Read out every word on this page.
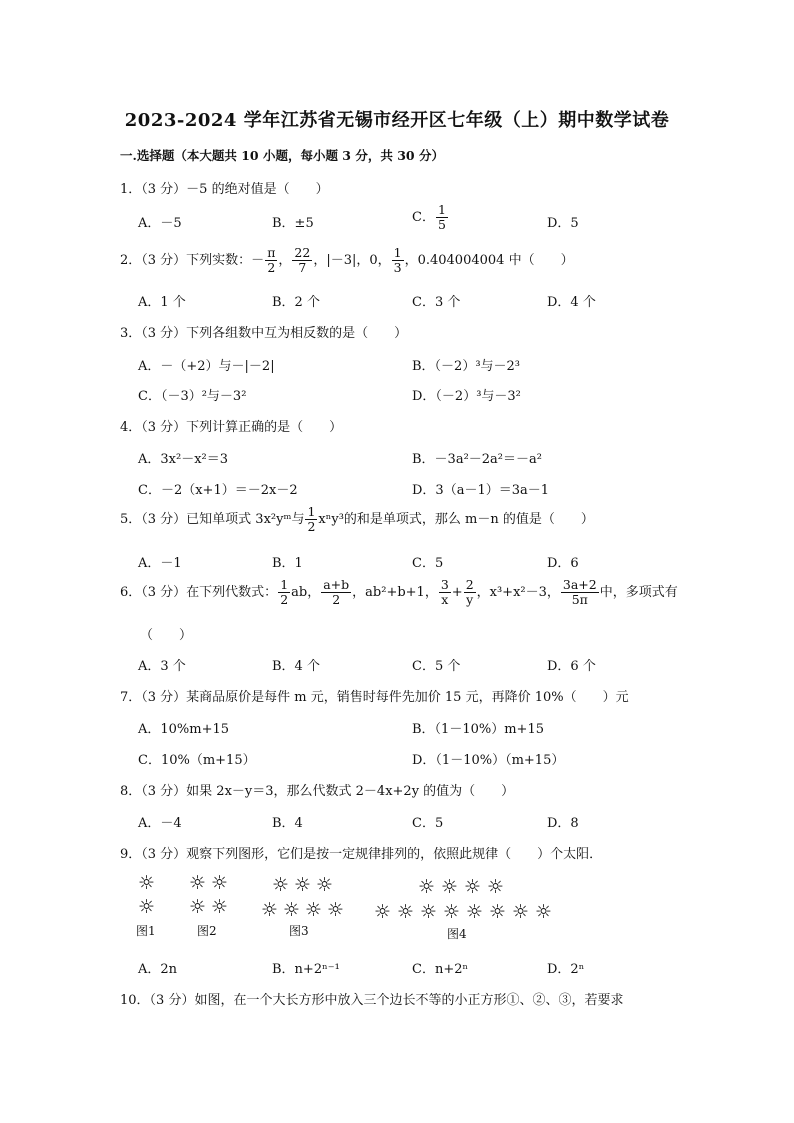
2023-2024 学年江苏省无锡市经开区七年级（上）期中数学试卷
一.选择题（本大题共 10 小题，每小题 3 分，共 30 分）
1．（3 分）－5 的绝对值是（　　）
A．－5	B．±5	C． $\frac{1}{5}$	D．5
2．（3 分）下列实数：－ $\frac{\pi}{2}$ ， $\frac{22}{7}$ ，|－3|，0， $\frac{1}{3}$ ，0.404004004 中（　　）
A．1 个	B．2 个	C．3 个	D．4 个
3．（3 分）下列各组数中互为相反数的是（　　）
A．－（+2）与－|－2|	B．（－2）³与－2³
C．（－3）²与－3²	D．（－2）³与－3²
4．（3 分）下列计算正确的是（　　）
A．3x²－x²＝3	B．－3a²－2a²＝－a²
C．－2（x+1）＝－2x－2	D．3（a－1）＝3a－1
5．（3 分）已知单项式 3x²yᵐ与 $\frac{1}{2} x^ny^3$的和是单项式，那么 m－n 的值是（　　）
A．－1	B．1	C．5	D．6
6．（3 分）在下列代数式： $\frac{1}{2}$ ab， $\frac{a+b}{2}$ ，ab²+b+1， $\frac{3}{x} + \frac{2}{y}$ ，x³+x²－3， $\frac{3a+2}{5\pi}$ 中，多项式有
（　　）
A．3 个	B．4 个	C．5 个	D．6 个
7．（3 分）某商品原价是每件 m 元，销售时每件先加价 15 元，再降价 10%（　　）元
A．10%m+15	B．（1－10%）m+15
C．10%（m+15）	D．（1－10%）（m+15）
8．（3 分）如果 2x－y＝3，那么代数式 2－4x+2y 的值为（　　）
A．－4	B．4	C．5	D．8
9．（3 分）观察下列图形，它们是按一定规律排列的，依照此规律（　　）个太阳．
☼
☼
☼ ☼
☼ ☼
☼ ☼ ☼
☼ ☼ ☼ ☼
☼ ☼ ☼ ☼
☼ ☼ ☼ ☼ ☼ ☼ ☼ ☼
图1	图2	图3	图4
A．2n	B．n+2ⁿ⁻¹	C．n+2ⁿ	D．2ⁿ
10．（3 分）如图，在一个大长方形中放入三个边长不等的小正方形①、②、③，若要求
